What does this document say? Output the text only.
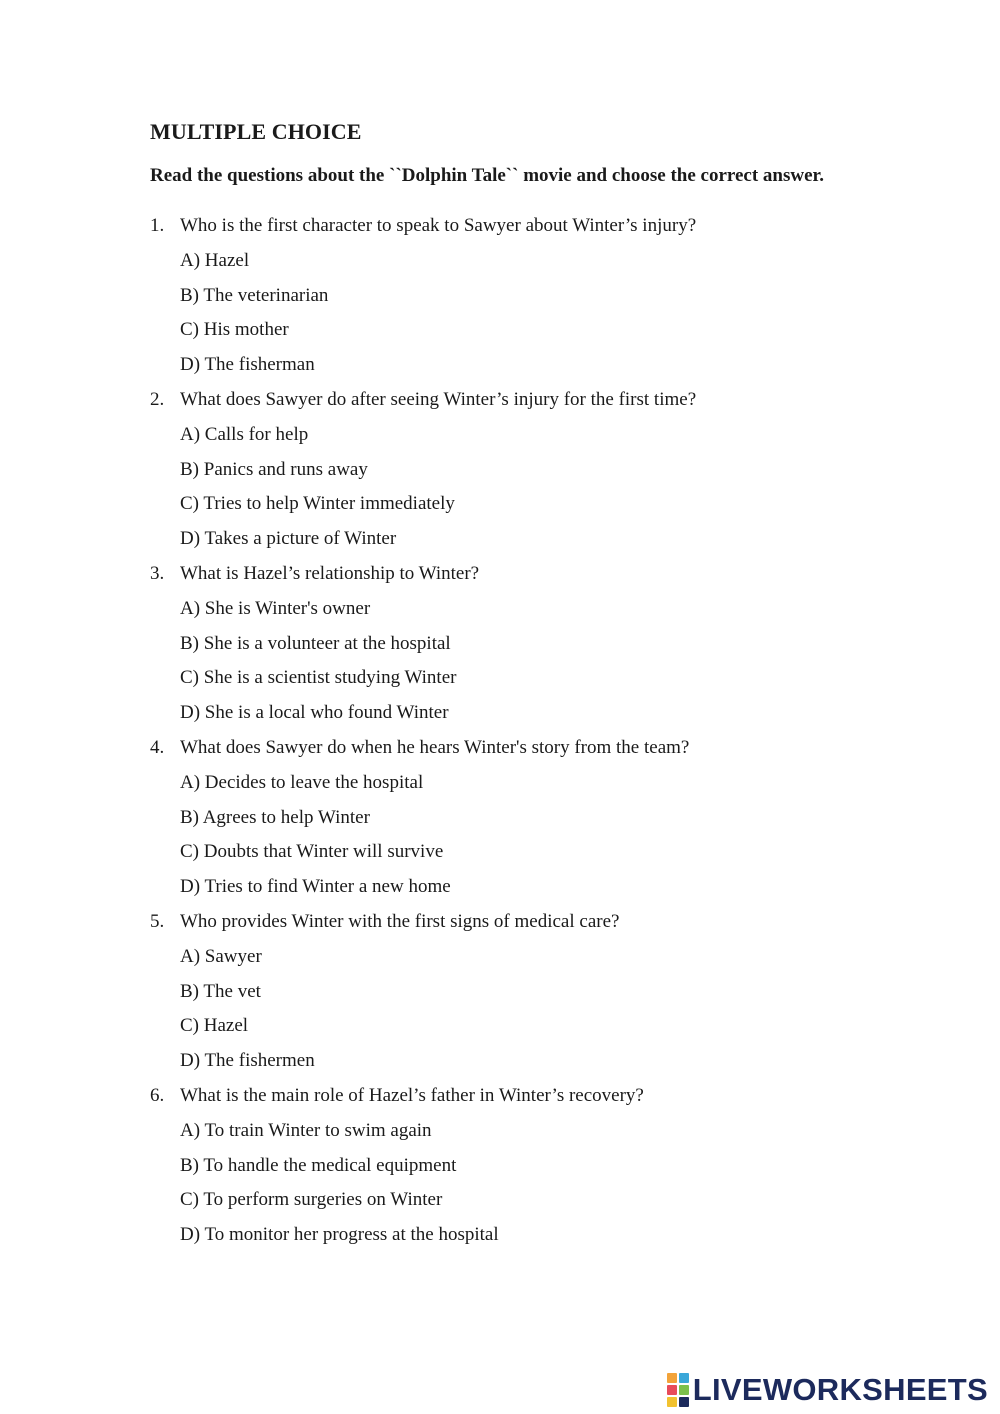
MULTIPLE CHOICE

Read the questions about the ``Dolphin Tale`` movie and choose the correct answer.

1. Who is the first character to speak to Sawyer about Winter’s injury?
A) Hazel
B) The veterinarian
C) His mother
D) The fisherman
2. What does Sawyer do after seeing Winter’s injury for the first time?
A) Calls for help
B) Panics and runs away
C) Tries to help Winter immediately
D) Takes a picture of Winter
3. What is Hazel’s relationship to Winter?
A) She is Winter's owner
B) She is a volunteer at the hospital
C) She is a scientist studying Winter
D) She is a local who found Winter
4. What does Sawyer do when he hears Winter's story from the team?
A) Decides to leave the hospital
B) Agrees to help Winter
C) Doubts that Winter will survive
D) Tries to find Winter a new home
5. Who provides Winter with the first signs of medical care?
A) Sawyer
B) The vet
C) Hazel
D) The fishermen
6. What is the main role of Hazel’s father in Winter’s recovery?
A) To train Winter to swim again
B) To handle the medical equipment
C) To perform surgeries on Winter
D) To monitor her progress at the hospital
LIVEWORKSHEETS
